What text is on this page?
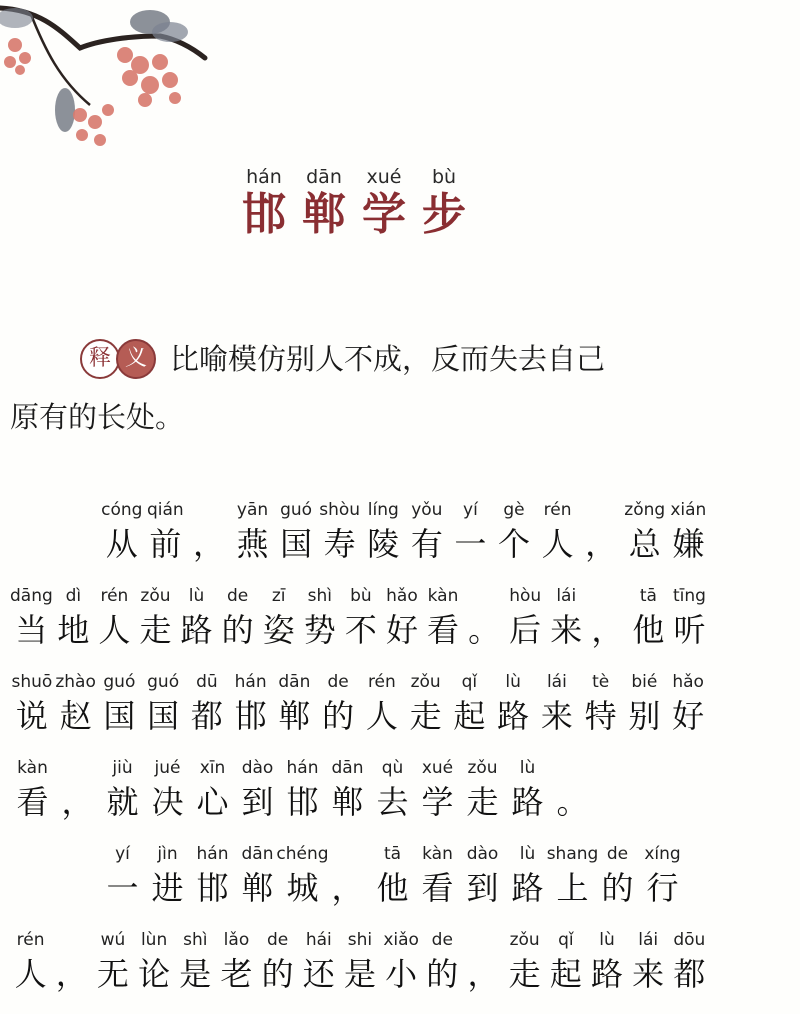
hán
邯
dān
郸
xué
学
bù
步
释 义 比喻模仿别人不成，反而失去自己
原有的长处。
cóng
从
qián
前 ，
yān
燕
guó
国
shòu
寿
líng
陵
yǒu
有
yí
一
gè
个
rén
人 ，
zǒng
总
xián
嫌
dāng
当
dì
地
rén
人
zǒu
走
lù
路
de
的
zī
姿
shì
势
bù
不
hǎo
好
kàn
看 。
hòu
后
lái
来 ，
tā
他
tīng
听
shuō
说
zhào
赵
guó
国
guó
国
dū
都
hán
邯
dān
郸
de
的
rén
人
zǒu
走
qǐ
起
lù
路
lái
来
tè
特
bié
别
hǎo
好
kàn
看 ，
jiù
就
jué
决
xīn
心
dào
到
hán
邯
dān
郸
qù
去
xué
学
zǒu
走
lù
路 。
yí
一
jìn
进
hán
邯
dān
郸
chéng
城 ，
tā
他
kàn
看
dào
到
lù
路
shang
上
de
的
xíng
行
rén
人 ，
wú
无
lùn
论
shì
是
lǎo
老
de
的
hái
还
shi
是
xiǎo
小
de
的 ，
zǒu
走
qǐ
起
lù
路
lái
来
dōu
都
